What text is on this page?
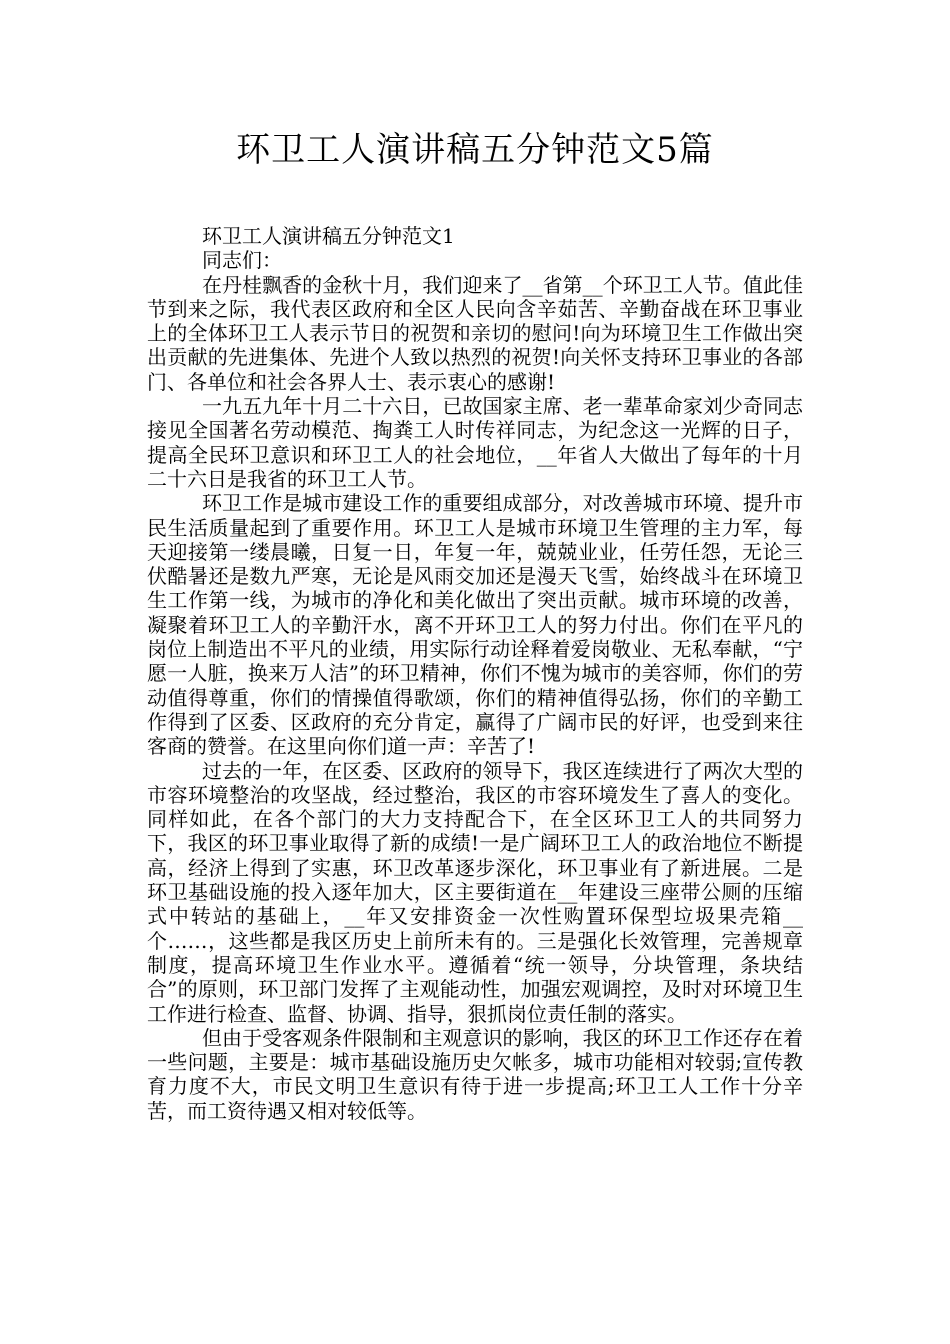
环卫工人演讲稿五分钟范文5篇

环卫工人演讲稿五分钟范文1

同志们：

在丹桂飘香的金秋十月，我们迎来了__省第__个环卫工人节。值此佳节到来之际，我代表区政府和全区人民向含辛茹苦、辛勤奋战在环卫事业上的全体环卫工人表示节日的祝贺和亲切的慰问!向为环境卫生工作做出突出贡献的先进集体、先进个人致以热烈的祝贺!向关怀支持环卫事业的各部门、各单位和社会各界人士、表示衷心的感谢!

一九五九年十月二十六日，已故国家主席、老一辈革命家刘少奇同志接见全国著名劳动模范、掏粪工人时传祥同志，为纪念这一光辉的日子，提高全民环卫意识和环卫工人的社会地位，__年省人大做出了每年的十月二十六日是我省的环卫工人节。

环卫工作是城市建设工作的重要组成部分，对改善城市环境、提升市民生活质量起到了重要作用。环卫工人是城市环境卫生管理的主力军，每天迎接第一缕晨曦，日复一日，年复一年，兢兢业业，任劳任怨，无论三伏酷暑还是数九严寒，无论是风雨交加还是漫天飞雪，始终战斗在环境卫生工作第一线，为城市的净化和美化做出了突出贡献。城市环境的改善，凝聚着环卫工人的辛勤汗水，离不开环卫工人的努力付出。你们在平凡的岗位上制造出不平凡的业绩，用实际行动诠释着爱岗敬业、无私奉献，“宁愿一人脏，换来万人洁”的环卫精神，你们不愧为城市的美容师，你们的劳动值得尊重，你们的情操值得歌颂，你们的精神值得弘扬，你们的辛勤工作得到了区委、区政府的充分肯定，赢得了广阔市民的好评，也受到来往客商的赞誉。在这里向你们道一声：辛苦了!

过去的一年，在区委、区政府的领导下，我区连续进行了两次大型的市容环境整治的攻坚战，经过整治，我区的市容环境发生了喜人的变化。同样如此，在各个部门的大力支持配合下，在全区环卫工人的共同努力下，我区的环卫事业取得了新的成绩!一是广阔环卫工人的政治地位不断提高，经济上得到了实惠，环卫改革逐步深化，环卫事业有了新进展。二是环卫基础设施的投入逐年加大，区主要街道在__年建设三座带公厕的压缩式中转站的基础上，__年又安排资金一次性购置环保型垃圾果壳箱__个……，这些都是我区历史上前所未有的。三是强化长效管理，完善规章制度，提高环境卫生作业水平。遵循着“统一领导，分块管理，条块结合”的原则，环卫部门发挥了主观能动性，加强宏观调控，及时对环境卫生工作进行检查、监督、协调、指导，狠抓岗位责任制的落实。

但由于受客观条件限制和主观意识的影响，我区的环卫工作还存在着一些问题，主要是：城市基础设施历史欠帐多，城市功能相对较弱;宣传教育力度不大，市民文明卫生意识有待于进一步提高;环卫工人工作十分辛苦，而工资待遇又相对较低等。
